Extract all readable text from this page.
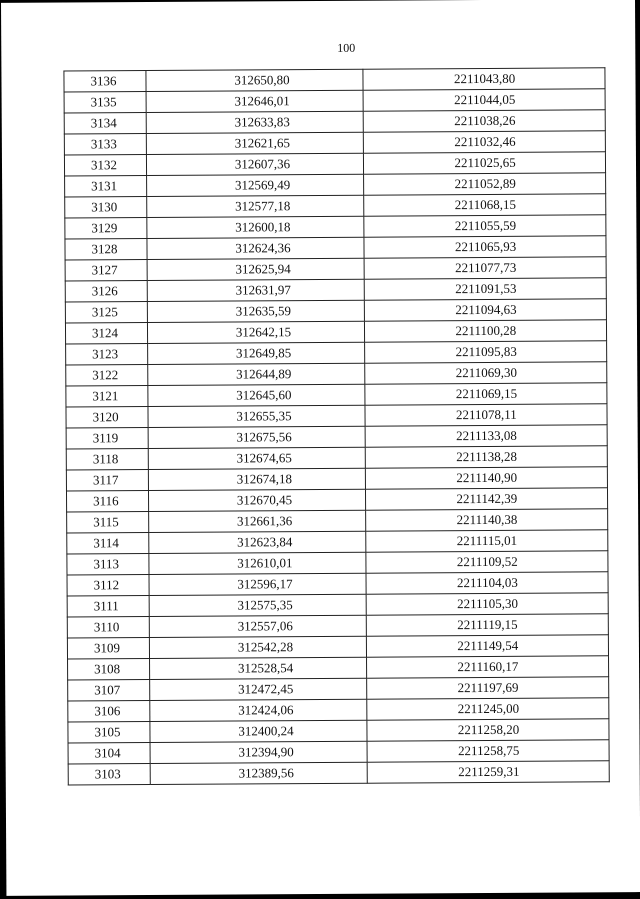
100
3136	312650,80	2211043,80
3135	312646,01	2211044,05
3134	312633,83	2211038,26
3133	312621,65	2211032,46
3132	312607,36	2211025,65
3131	312569,49	2211052,89
3130	312577,18	2211068,15
3129	312600,18	2211055,59
3128	312624,36	2211065,93
3127	312625,94	2211077,73
3126	312631,97	2211091,53
3125	312635,59	2211094,63
3124	312642,15	2211100,28
3123	312649,85	2211095,83
3122	312644,89	2211069,30
3121	312645,60	2211069,15
3120	312655,35	2211078,11
3119	312675,56	2211133,08
3118	312674,65	2211138,28
3117	312674,18	2211140,90
3116	312670,45	2211142,39
3115	312661,36	2211140,38
3114	312623,84	2211115,01
3113	312610,01	2211109,52
3112	312596,17	2211104,03
3111	312575,35	2211105,30
3110	312557,06	2211119,15
3109	312542,28	2211149,54
3108	312528,54	2211160,17
3107	312472,45	2211197,69
3106	312424,06	2211245,00
3105	312400,24	2211258,20
3104	312394,90	2211258,75
3103	312389,56	2211259,31
